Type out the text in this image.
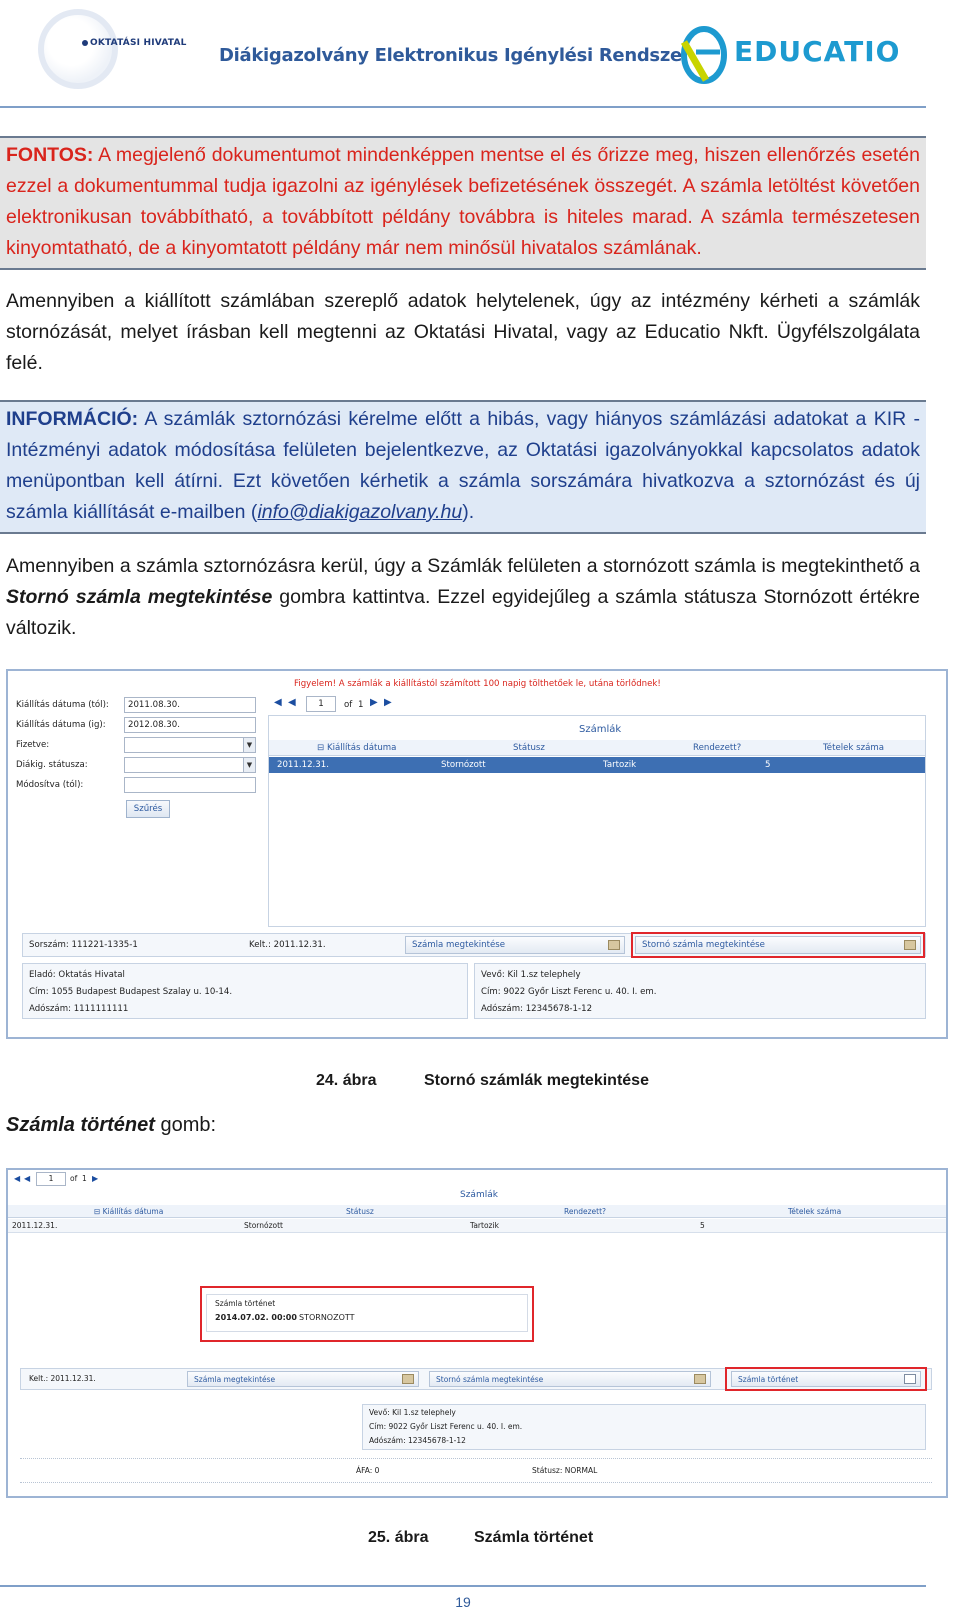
OKTATÁSI HIVATAL
Diákigazolvány Elektronikus Igénylési Rendszer EDUCATIO
FONTOS: A megjelenő dokumentumot mindenképpen mentse el és őrizze meg, hiszen ellenőrzés esetén ezzel a dokumentummal tudja igazolni az igénylések befizetésének összegét. A számla letöltést követően elektronikusan továbbítható, a továbbított példány továbbra is hiteles marad. A számla természetesen kinyomtatható, de a kinyomtatott példány már nem minősül hivatalos számlának.
Amennyiben a kiállított számlában szereplő adatok helytelenek, úgy az intézmény kérheti a számlák stornózását, melyet írásban kell megtenni az Oktatási Hivatal, vagy az Educatio Nkft. Ügyfélszolgálata felé.
INFORMÁCIÓ: A számlák sztornózási kérelme előtt a hibás, vagy hiányos számlázási adatokat a KIR - Intézményi adatok módosítása felületen bejelentkezve, az Oktatási igazolványokkal kapcsolatos adatok menüpontban kell átírni. Ezt követően kérhetik a számla sorszámára hivatkozva a sztornózást és új számla kiállítását e-mailben (info@diakigazolvany.hu).
Amennyiben a számla sztornózásra kerül, úgy a Számlák felületen a stornózott számla is megtekinthető a Stornó számla megtekintése gombra kattintva. Ezzel egyidejűleg a számla státusza Stornózott értékre változik.
Figyelem! A számlák a kiállítástól számított 100 napig tölthetőek le, utána törlődnek!
Kiállítás dátuma (tól):	2011.08.30.
Kiállítás dátuma (ig):	2012.08.30.
Fizetve:	▼
Diákig. státusza:	▼
Módosítva (tól):
Szűrés
◀ ◀	1	of 1 ▶ ▶
Számlák
⊟ Kiállítás dátuma	Státusz	Rendezett?	Tételek száma
2011.12.31.	Stornózott	Tartozik	5
Sorszám: 111221-1335-1	Kelt.: 2011.12.31.	Számla megtekintése	Stornó számla megtekintése
Eladó: Oktatás Hivatal
Cím: 1055 Budapest Budapest Szalay u. 10-14.
Adószám: 1111111111
Vevő: Kil 1.sz telephely
Cím: 9022 Győr Liszt Ferenc u. 40. I. em.
Adószám: 12345678-1-12
24. ábra	Stornó számlák megtekintése
Számla történet gomb:
◀ ◀	1	of 1 ▶
Számlák
⊟ Kiállítás dátuma	Státusz	Rendezett?	Tételek száma
2011.12.31.	Stornózott	Tartozik	5
Számla történet
2014.07.02. 00:00 STORNOZOTT
Kelt.: 2011.12.31.	Számla megtekintése	Stornó számla megtekintése	Számla történet
Vevő: Kil 1.sz telephely
Cím: 9022 Győr Liszt Ferenc u. 40. I. em.
Adószám: 12345678-1-12
ÁFA: 0	Státusz: NORMAL
25. ábra	Számla történet
19
